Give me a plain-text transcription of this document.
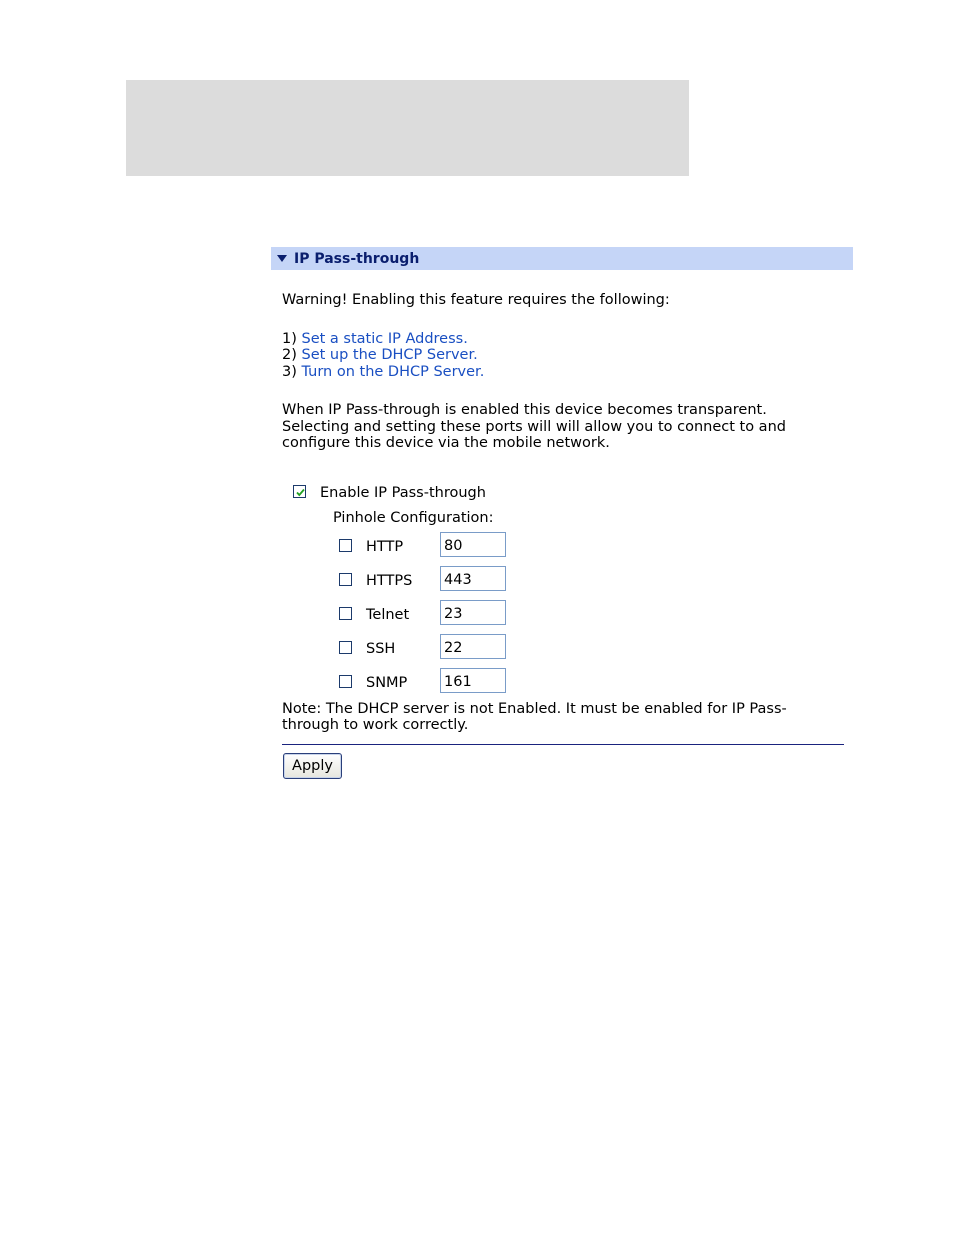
IP Pass-through
Warning! Enabling this feature requires the following:
1) Set a static IP Address.
2) Set up the DHCP Server.
3) Turn on the DHCP Server.
When IP Pass-through is enabled this device becomes transparent.
Selecting and setting these ports will will allow you to connect to and
configure this device via the mobile network.
Enable IP Pass-through
Pinhole Configuration:
HTTP
80
HTTPS
443
Telnet
23
SSH
22
SNMP
161
Note: The DHCP server is not Enabled. It must be enabled for IP Pass-
through to work correctly.
Apply
